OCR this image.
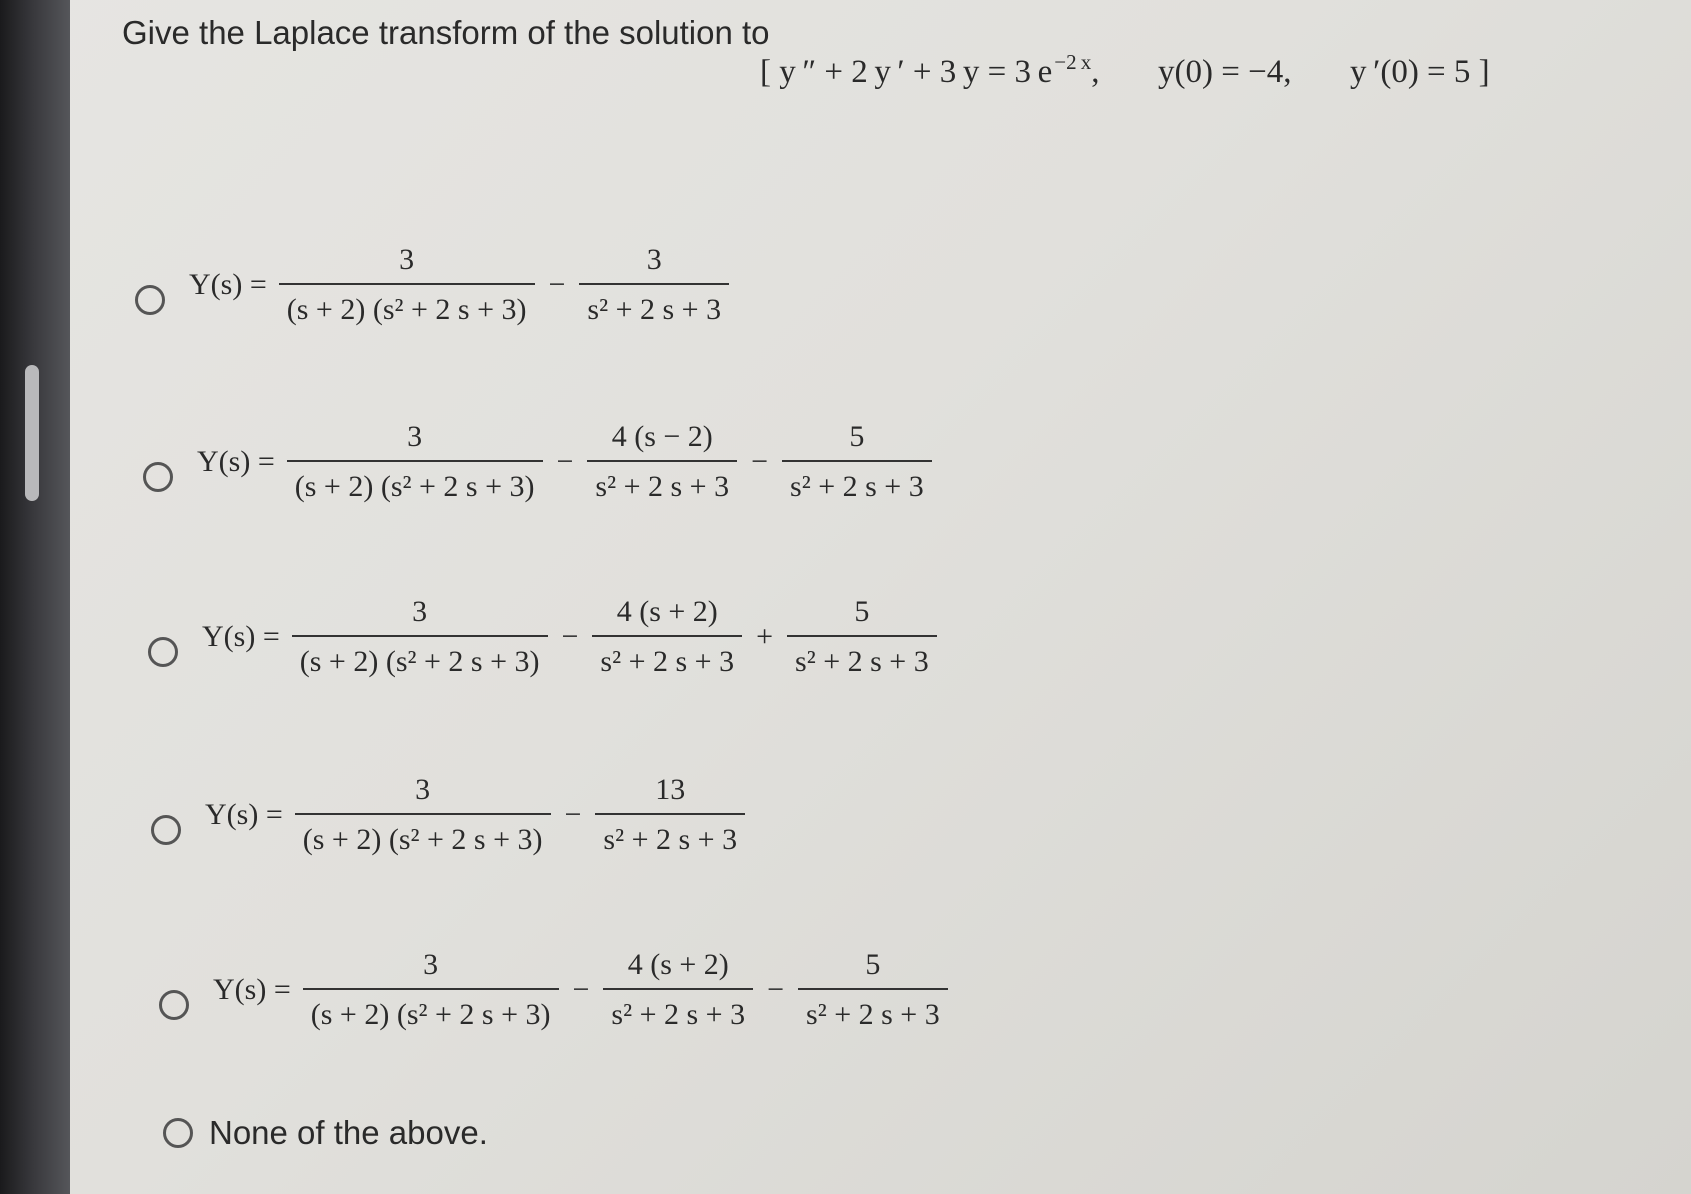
Give the Laplace transform of the solution to
[ y ″ + 2 y ′ + 3 y = 3 $e^{-2 x}$, y(0) = −4, y ′(0) = 5 ]
$Y(s) = \frac{3}{\text{(s + 2) (s² + 2 s + 3)}} - \frac{3}{\text{s² + 2 s + 3}}$
$Y(s) = \frac{3}{\text{(s + 2) (s² + 2 s + 3)}} - \frac{4 (s - 2)}{\text{s² + 2 s + 3}} - \frac{5}{\text{s² + 2 s + 3}}$
$Y(s) = \frac{3}{\text{(s + 2) (s² + 2 s + 3)}} - \frac{4 (s + 2)}{\text{s² + 2 s + 3}} + \frac{5}{\text{s² + 2 s + 3}}$
$Y(s) = \frac{3}{\text{(s + 2) (s² + 2 s + 3)}} - \frac{13}{\text{s² + 2 s + 3}}$
$Y(s) = \frac{3}{\text{(s + 2) (s² + 2 s + 3)}} - \frac{4 (s + 2)}{\text{s² + 2 s + 3}} - \frac{5}{\text{s² + 2 s + 3}}$
None of the above.
